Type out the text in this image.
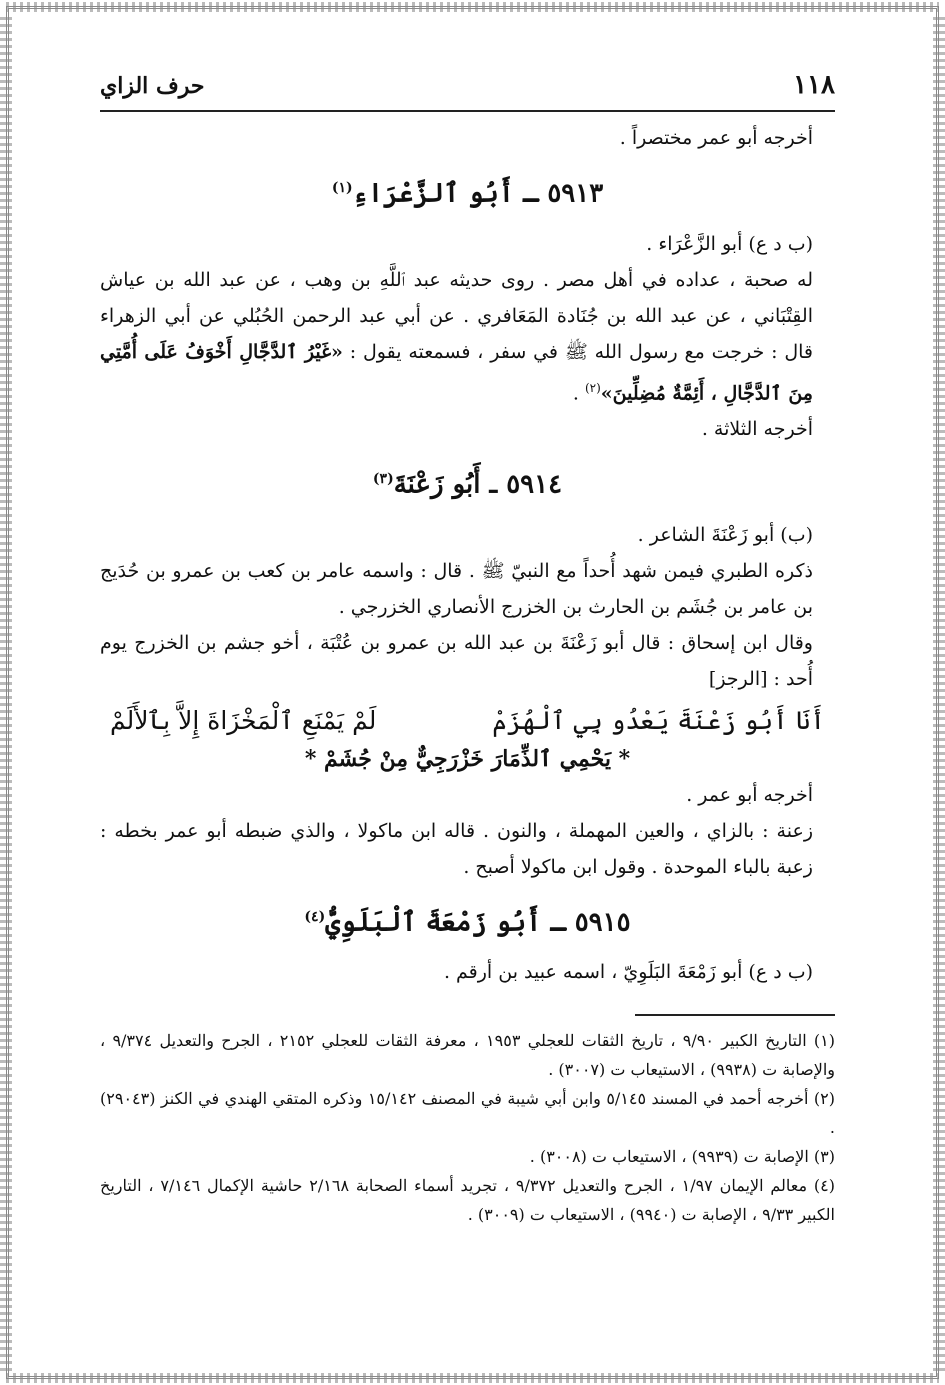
١١٨
حرف الزاي

أخرجه أبو عمر مختصراً .

٥٩١٣ ـ أَبُو ٱلزَّعْرَاءِ$^{(١)}$

(ب د ع) أبو الزَّعْرَاء .

له صحبة ، عداده في أهل مصر . روى حديثه عبد ٱللَّهِ بن وهب ، عن عبد الله بن عياش القِتْبَاني ، عن عبد الله بن جُنَادة المَعَافري . عن أبي عبد الرحمن الحُبُلي عن أبي الزهراء قال : خرجت مع رسول الله ﷺ في سفر ، فسمعته يقول : «غَيْرُ ٱلدَّجَّالِ أَخْوَفُ عَلَى أُمَّتِي مِنَ ٱلدَّجَّالِ ، أَئِمَّةٌ مُضِلِّينَ»$^{(٢)}$ .

أخرجه الثلاثة .

٥٩١٤ ـ أَبُو زَعْنَةَ$^{(٣)}$

(ب) أبو زَعْنَةَ الشاعر .

ذكره الطبري فيمن شهد أُحداً مع النبيّ ﷺ . قال : واسمه عامر بن كعب بن عمرو بن حُدَيج بن عامر بن جُشَم بن الحارث بن الخزرج الأنصاري الخزرجي .

وقال ابن إسحاق : قال أبو زَعْنَةَ بن عبد الله بن عمرو بن عُتْبَة ، أخو جشم بن الخزرج يوم أُحد : [الرجز]

أَنَا أَبُو زَعْنَةَ يَعْدُو بِي ٱلْهُزَمْ
لَمْ يَمْنَعِ ٱلْمَخْزَاةَ إِلاَّ بِٱلأَلَمْ
* يَحْمِي ٱلذِّمَارَ خَزْرَجِيٌّ مِنْ جُشَمْ *

أخرجه أبو عمر .

زعنة : بالزاي ، والعين المهملة ، والنون . قاله ابن ماكولا ، والذي ضبطه أبو عمر بخطه : زعبة بالباء الموحدة . وقول ابن ماكولا أصبح .

٥٩١٥ ـ أَبُو زَمْعَةَ ٱلْبَلَوِيُّ$^{(٤)}$

(ب د ع) أبو زَمْعَةَ البَلَوِيّ ، اسمه عبيد بن أرقم .

(١) التاريخ الكبير ٩/٩٠ ، تاريخ الثقات للعجلي ١٩٥٣ ، معرفة الثقات للعجلي ٢١٥٢ ، الجرح والتعديل ٩/٣٧٤ ، والإصابة ت (٩٩٣٨) ، الاستيعاب ت (٣٠٠٧) .

(٢) أخرجه أحمد في المسند ٥/١٤٥ وابن أبي شيبة في المصنف ١٥/١٤٢ وذكره المتقي الهندي في الكنز (٢٩٠٤٣) .

(٣) الإصابة ت (٩٩٣٩) ، الاستيعاب ت (٣٠٠٨) .

(٤) معالم الإيمان ١/٩٧ ، الجرح والتعديل ٩/٣٧٢ ، تجريد أسماء الصحابة ٢/١٦٨ حاشية الإكمال ٧/١٤٦ ، التاريخ الكبير ٩/٣٣ ، الإصابة ت (٩٩٤٠) ، الاستيعاب ت (٣٠٠٩) .
